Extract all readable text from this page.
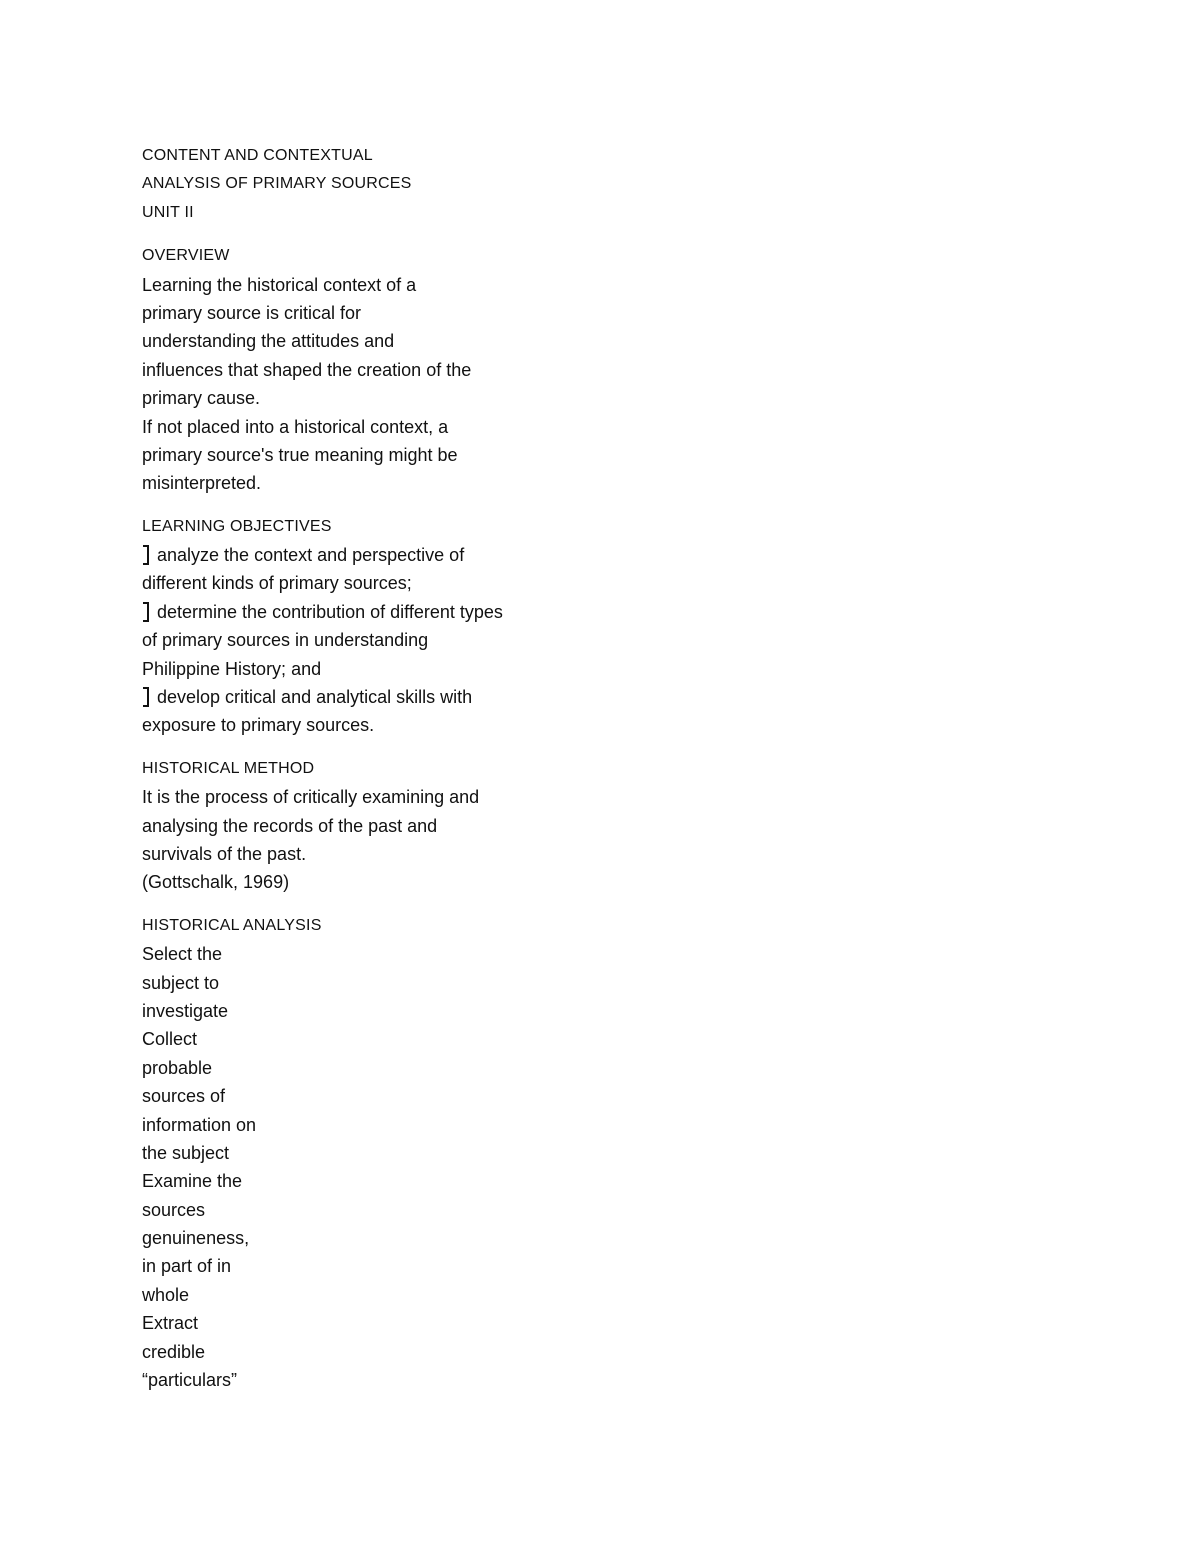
CONTENT AND CONTEXTUAL
ANALYSIS OF PRIMARY SOURCES
UNIT II
OVERVIEW
Learning the historical context of a
primary source is critical for
understanding the attitudes and
influences that shaped the creation of the
primary cause.
If not placed into a historical context, a
primary source's true meaning might be
misinterpreted.
LEARNING OBJECTIVES
analyze the context and perspective of
different kinds of primary sources;
determine the contribution of different types
of primary sources in understanding
Philippine History; and
develop critical and analytical skills with
exposure to primary sources.
HISTORICAL METHOD
It is the process of critically examining and
analysing the records of the past and
survivals of the past.
(Gottschalk, 1969)
HISTORICAL ANALYSIS
Select the
subject to
investigate
Collect
probable
sources of
information on
the subject
Examine the
sources
genuineness,
in part of in
whole
Extract
credible
“particulars”
